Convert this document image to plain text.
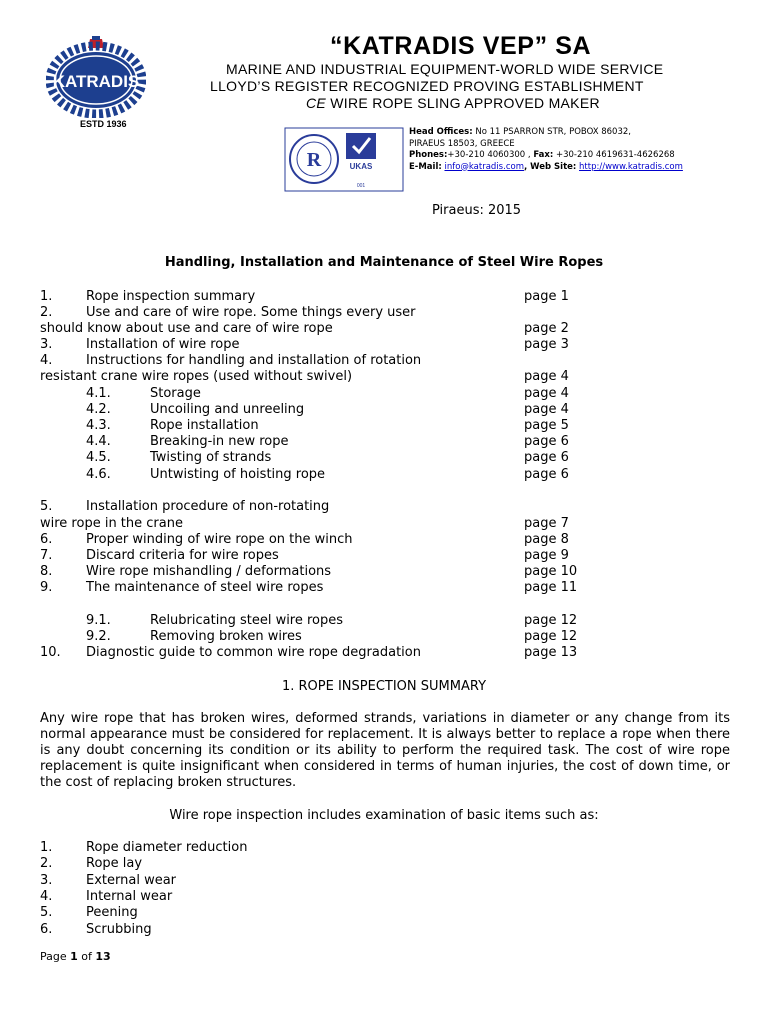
KATRADIS
ESTD 1936
“KATRADIS VEP” SA
MARINE AND INDUSTRIAL EQUIPMENT-WORLD WIDE SERVICE
LLOYD’S REGISTER RECOGNIZED PROVING ESTABLISHMENT
CE WIRE ROPE SLING APPROVED MAKER
R	UKAS
001
Head Offices: No 11 PSARRON STR, POBOX 86032,
PIRAEUS 18503, GREECE
Phones:+30-210 4060300 , Fax: +30-210 4619631-4626268
E-Mail: info@katradis.com, Web Site: http://www.katradis.com
Piraeus: 2015
Handling, Installation and Maintenance of Steel Wire Ropes
1.	Rope inspection summary	page 1
2.	Use and care of wire rope. Some things every user
should know about use and care of wire rope	page 2
3.	Installation of wire rope	page 3
4.	Instructions for handling and installation of rotation
resistant crane wire ropes (used without swivel)	page 4
4.1.	Storage	page 4
4.2.	Uncoiling and unreeling	page 4
4.3.	Rope installation	page 5
4.4.	Breaking-in new rope	page 6
4.5.	Twisting of strands	page 6
4.6.	Untwisting of hoisting rope	page 6
5.	Installation procedure of non-rotating
wire rope in the crane	page 7
6.	Proper winding of wire rope on the winch	page 8
7.	Discard criteria for wire ropes	page 9
8.	Wire rope mishandling / deformations	page 10
9.	The maintenance of steel wire ropes	page 11
9.1.	Relubricating steel wire ropes	page 12
9.2.	Removing broken wires	page 12
10. Diagnostic guide to common wire rope degradation	page 13
1. ROPE INSPECTION SUMMARY
Any wire rope that has broken wires, deformed strands, variations in diameter or any change from its normal appearance must be considered for replacement. It is always better to replace a rope when there is any doubt concerning its condition or its ability to perform the required task. The cost of wire rope replacement is quite insignificant when considered in terms of human injuries, the cost of down time, or the cost of replacing broken structures.
Wire rope inspection includes examination of basic items such as:
1.	Rope diameter reduction
2.	Rope lay
3.	External wear
4.	Internal wear
5.	Peening
6.	Scrubbing
Page 1 of 13
